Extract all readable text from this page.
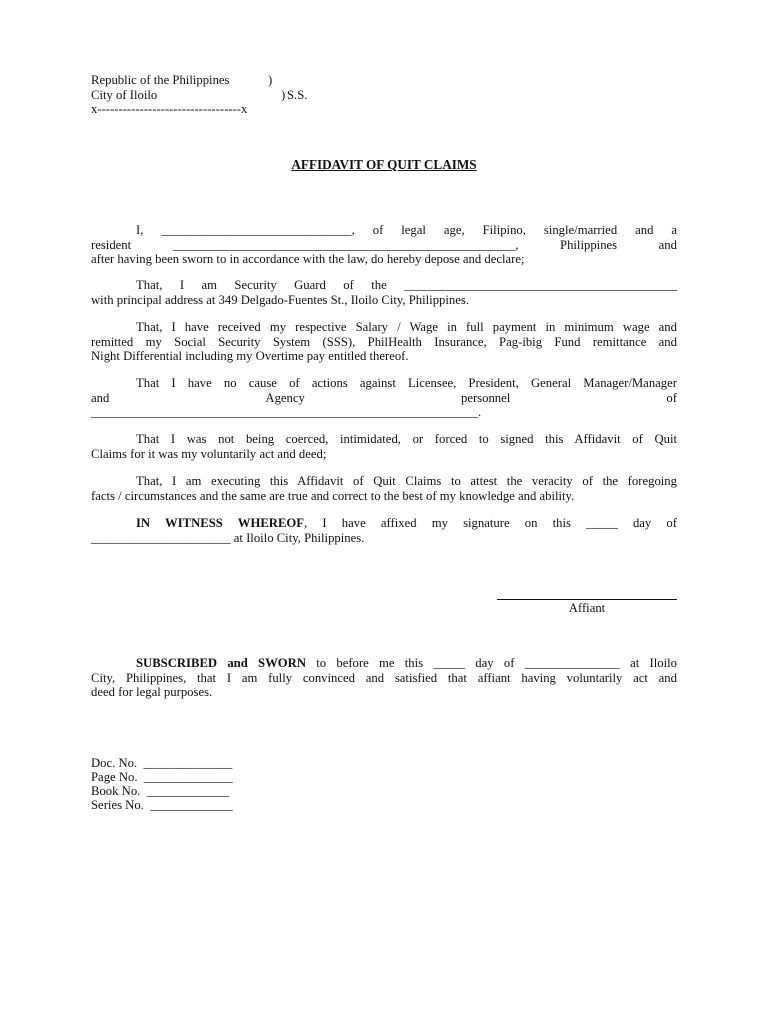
Republic of the Philippines	)
City of Iloilo	) S.S.
x----------------------------------x
AFFIDAVIT OF QUIT CLAIMS
I, ______________________________, of legal age, Filipino, single/married and a
resident ______________________________________________________, Philippines and
after having been sworn to in accordance with the law, do hereby depose and declare;
That, I am Security Guard of the ___________________________________________
with principal address at 349 Delgado-Fuentes St., Iloilo City, Philippines.
That, I have received my respective Salary / Wage in full payment in minimum wage and
remitted my Social Security System (SSS), PhilHealth Insurance, Pag-ibig Fund remittance and
Night Differential including my Overtime pay entitled thereof.
That I have no cause of actions against Licensee, President, General Manager/Manager
and	Agency	personnel	of
_____________________________________________________________.
That I was not being coerced, intimidated, or forced to signed this Affidavit of Quit
Claims for it was my voluntarily act and deed;
That, I am executing this Affidavit of Quit Claims to attest the veracity of the foregoing
facts / circumstances and the same are true and correct to the best of my knowledge and ability.
IN WITNESS WHEREOF, I have affixed my signature on this _____ day of
______________________ at Iloilo City, Philippines.
Affiant
SUBSCRIBED and SWORN to before me this _____ day of _______________ at Iloilo
City, Philippines, that I am fully convinced and satisfied that affiant having voluntarily act and
deed for legal purposes.
Doc. No. ______________
Page No. ______________
Book No. _____________
Series No. _____________
